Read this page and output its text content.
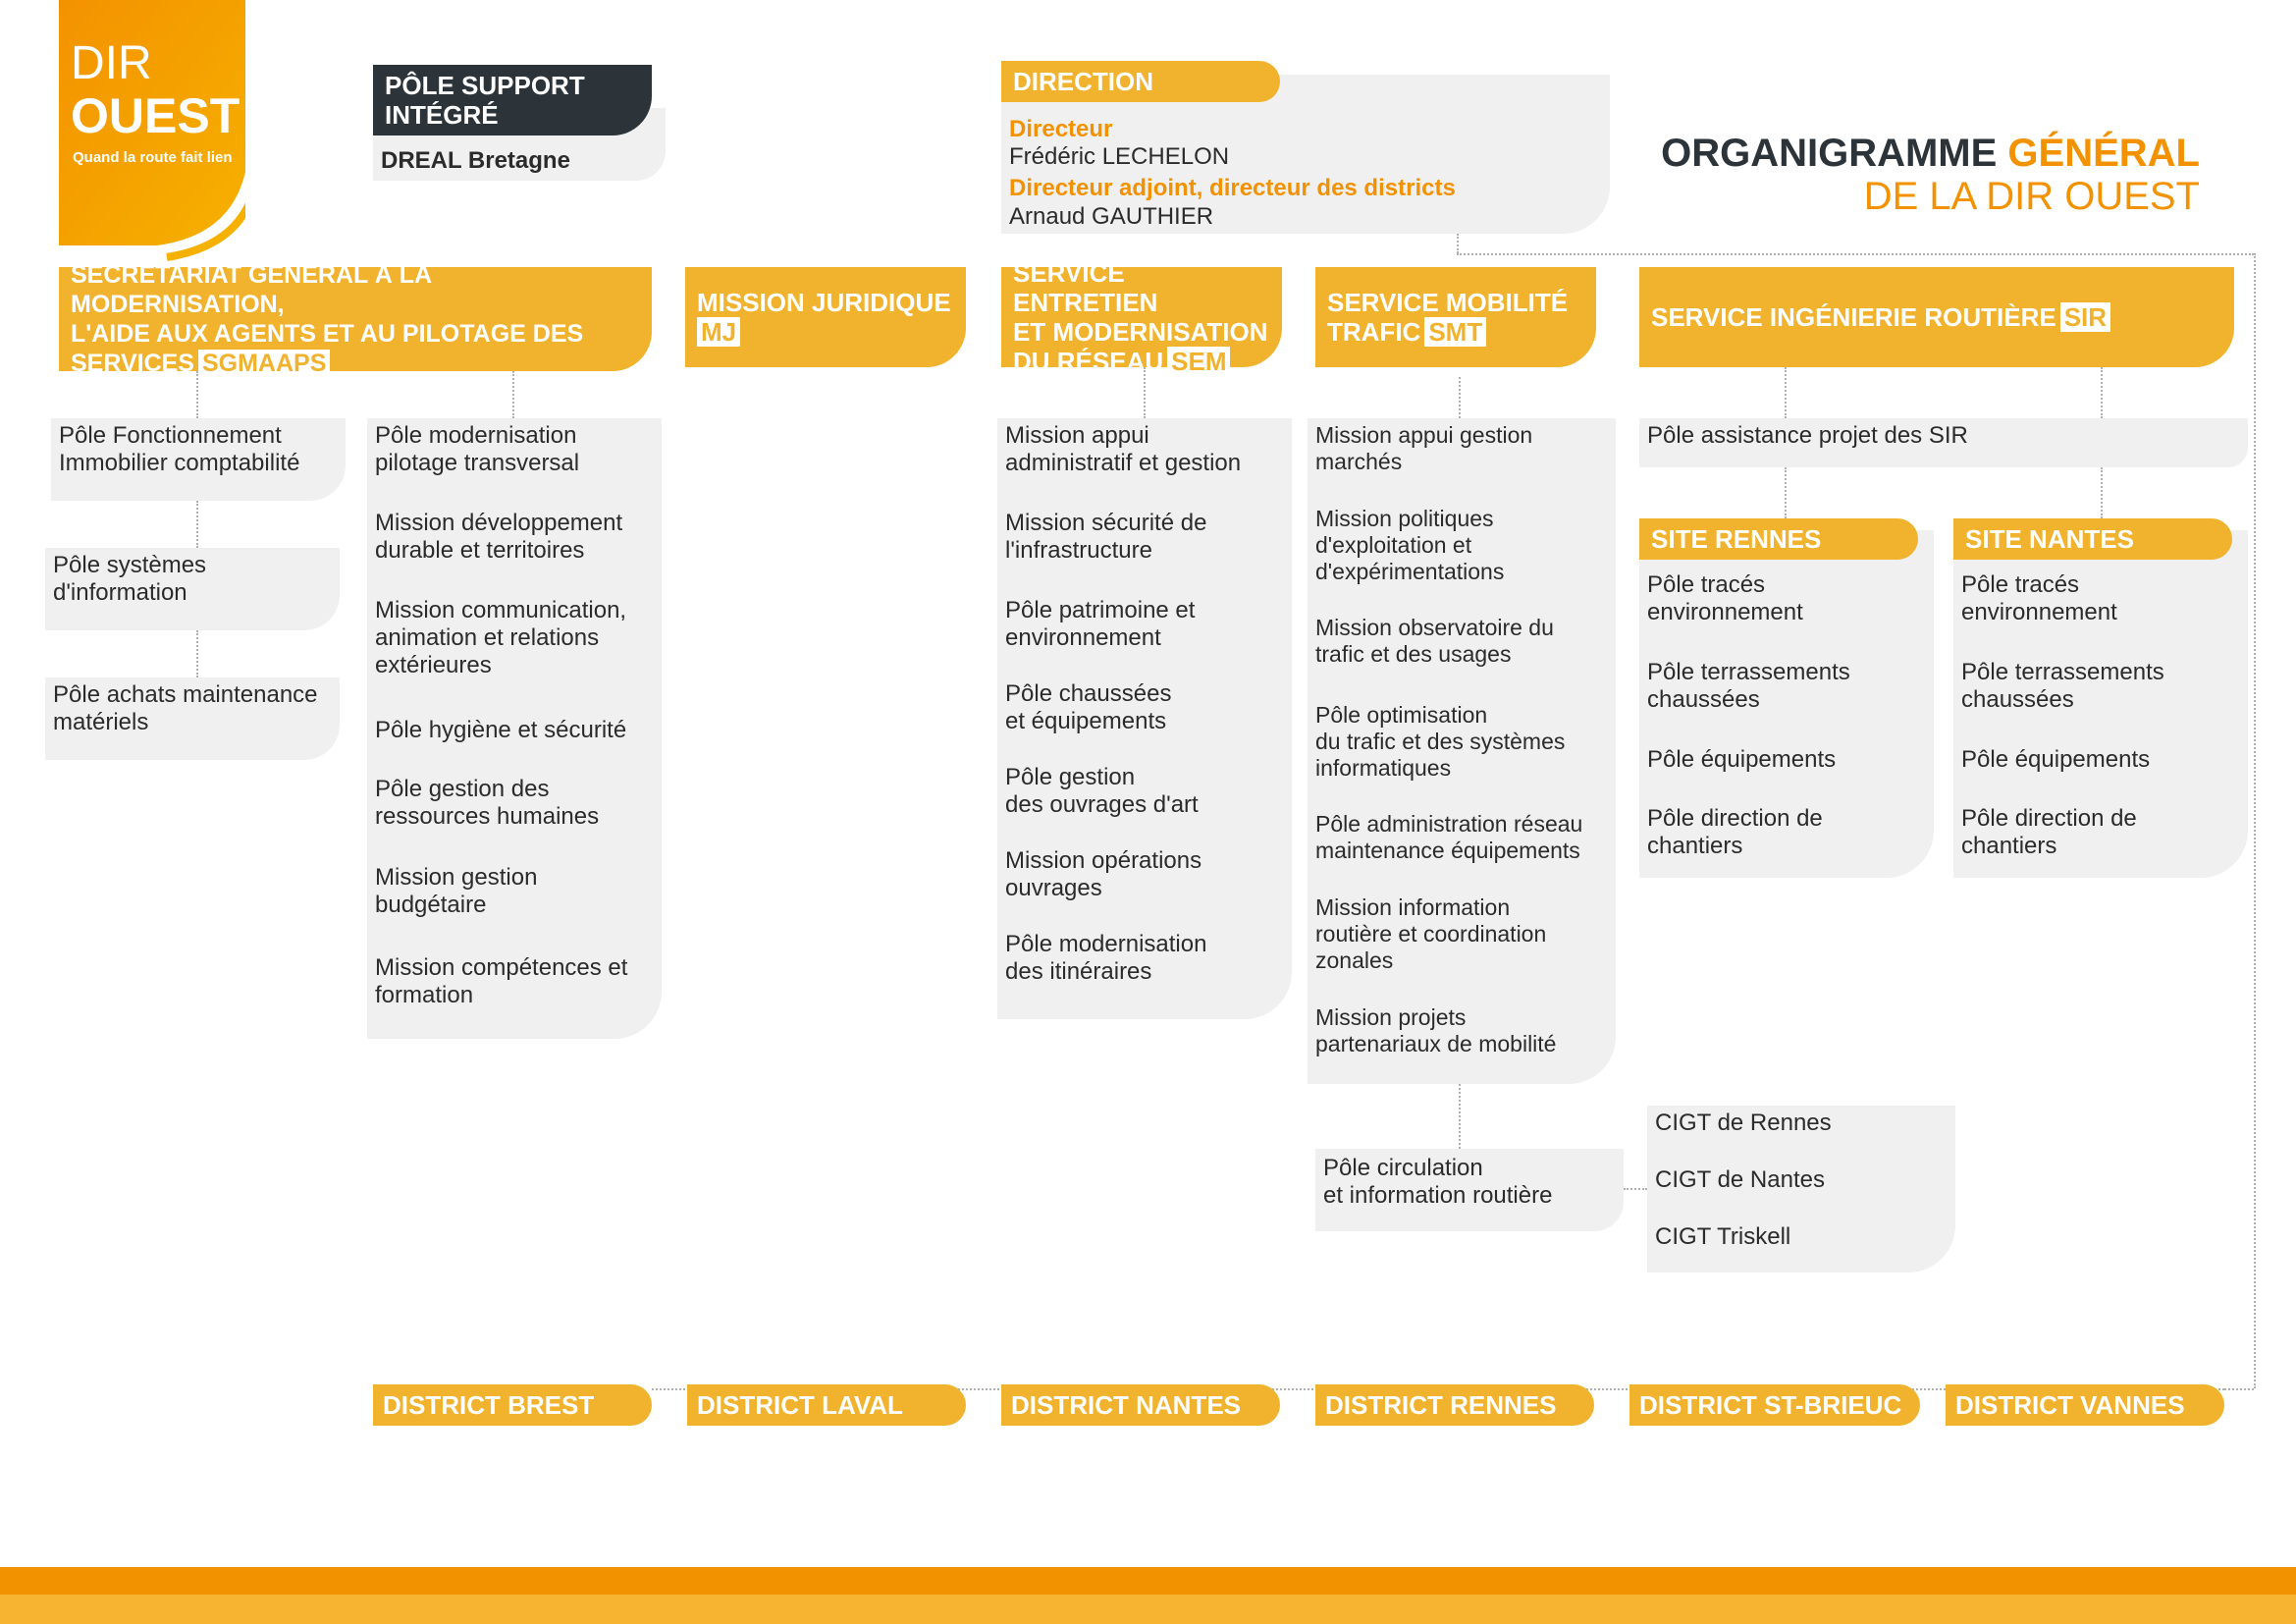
DIR
OUEST
Quand la route fait lien	ORGANIGRAMME GÉNÉRAL
DE LA DIR OUEST
PÔLE SUPPORT
INTÉGRÉ
DREAL Bretagne
DIRECTION
Directeur
Frédéric LECHELON
Directeur adjoint, directeur des districts
Arnaud GAUTHIER
SECRÉTARIAT GÉNÉRAL À LA MODERNISATION,
L'AIDE AUX AGENTS ET AU PILOTAGE DES
SERVICES SGMAAPS
Pôle Fonctionnement
Immobilier comptabilité
Pôle systèmes
d'information
Pôle achats maintenance
matériels
Pôle modernisation
pilotage transversal
Mission développement
durable et territoires
Mission communication,
animation et relations
extérieures
Pôle hygiène et sécurité
Pôle gestion des
ressources humaines
Mission gestion
budgétaire
Mission compétences et
formation
MISSION JURIDIQUE
MJ
SERVICE ENTRETIEN
ET MODERNISATION
DU RÉSEAU SEM
Mission appui
administratif et gestion
Mission sécurité de
l'infrastructure
Pôle patrimoine et
environnement
Pôle chaussées
et équipements
Pôle gestion
des ouvrages d'art
Mission opérations
ouvrages
Pôle modernisation
des itinéraires
SERVICE MOBILITÉ
TRAFIC SMT
Mission appui gestion
marchés
Mission politiques
d'exploitation et
d'expérimentations
Mission observatoire du
trafic et des usages
Pôle optimisation
du trafic et des systèmes
informatiques
Pôle administration réseau
maintenance équipements
Mission information
routière et coordination
zonales
Mission projets
partenariaux de mobilité
Pôle circulation
et information routière
CIGT de Rennes
CIGT de Nantes
CIGT Triskell
SERVICE INGÉNIERIE ROUTIÈRE SIR
Pôle assistance projet des SIR
SITE RENNES
Pôle tracés
environnement
Pôle terrassements
chaussées
Pôle équipements
Pôle direction de
chantiers
SITE NANTES
Pôle tracés
environnement
Pôle terrassements
chaussées
Pôle équipements
Pôle direction de
chantiers
DISTRICT BREST	DISTRICT LAVAL	DISTRICT NANTES	DISTRICT RENNES	DISTRICT ST-BRIEUC	DISTRICT VANNES
